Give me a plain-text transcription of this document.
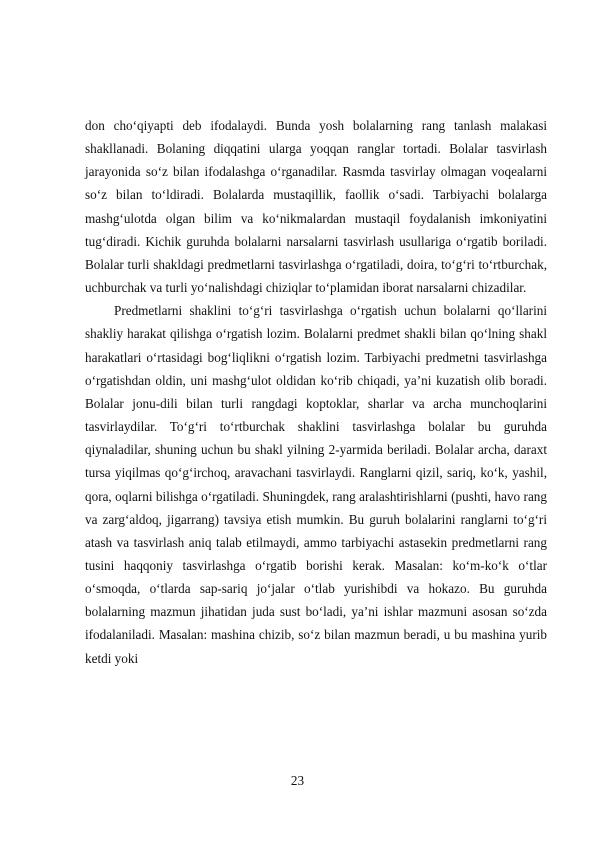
don cho‘qiyapti deb ifodalaydi. Bunda yosh bolalarning rang tanlash malakasi shakllanadi. Bolaning diqqatini ularga yoqqan ranglar tortadi. Bolalar tasvirlash jarayonida so‘z bilan ifodalashga o‘rganadilar. Rasmda tasvirlay olmagan voqealarni so‘z bilan to‘ldiradi. Bolalarda mustaqillik, faollik o‘sadi. Tarbiyachi bolalarga mashg‘ulotda olgan bilim va ko‘nikmalardan mustaqil foydalanish imkoniyatini tug‘diradi. Kichik guruhda bolalarni narsalarni tasvirlash usullariga o‘rgatib boriladi. Bolalar turli shakldagi predmetlarni tasvirlashga o‘rgatiladi, doira, to‘g‘ri to‘rtburchak, uchburchak va turli yo‘nalishdagi chiziqlar to‘plamidan iborat narsalarni chizadilar.

Predmetlarni shaklini to‘g‘ri tasvirlashga o‘rgatish uchun bolalarni qo‘llarini shakliy harakat qilishga o‘rgatish lozim. Bolalarni predmet shakli bilan qo‘lning shakl harakatlari o‘rtasidagi bog‘liqlikni o‘rgatish lozim. Tarbiyachi predmetni tasvirlashga o‘rgatishdan oldin, uni mashg‘ulot oldidan ko‘rib chiqadi, ya’ni kuzatish olib boradi. Bolalar jonu-dili bilan turli rangdagi koptoklar, sharlar va archa munchoqlarini tasvirlaydilar. To‘g‘ri to‘rtburchak shaklini tasvirlashga bolalar bu guruhda qiynaladilar, shuning uchun bu shakl yilning 2-yarmida beriladi. Bolalar archa, daraxt tursa yiqilmas qo‘g‘irchoq, aravachani tasvirlaydi. Ranglarni qizil, sariq, ko‘k, yashil, qora, oqlarni bilishga o‘rgatiladi. Shuningdek, rang aralashtirishlarni (pushti, havo rang va zarg‘aldoq, jigarrang) tavsiya etish mumkin. Bu guruh bolalarini ranglarni to‘g‘ri atash va tasvirlash aniq talab etilmaydi, ammo tarbiyachi astasekin predmetlarni rang tusini haqqoniy tasvirlashga o‘rgatib borishi kerak. Masalan: ko‘m-ko‘k o‘tlar o‘smoqda, o‘tlarda sap-sariq jo‘jalar o‘tlab yurishibdi va hokazo. Bu guruhda bolalarning mazmun jihatidan juda sust bo‘ladi, ya’ni ishlar mazmuni asosan so‘zda ifodalaniladi. Masalan: mashina chizib, so‘z bilan mazmun beradi, u bu mashina yurib ketdi yoki

23
